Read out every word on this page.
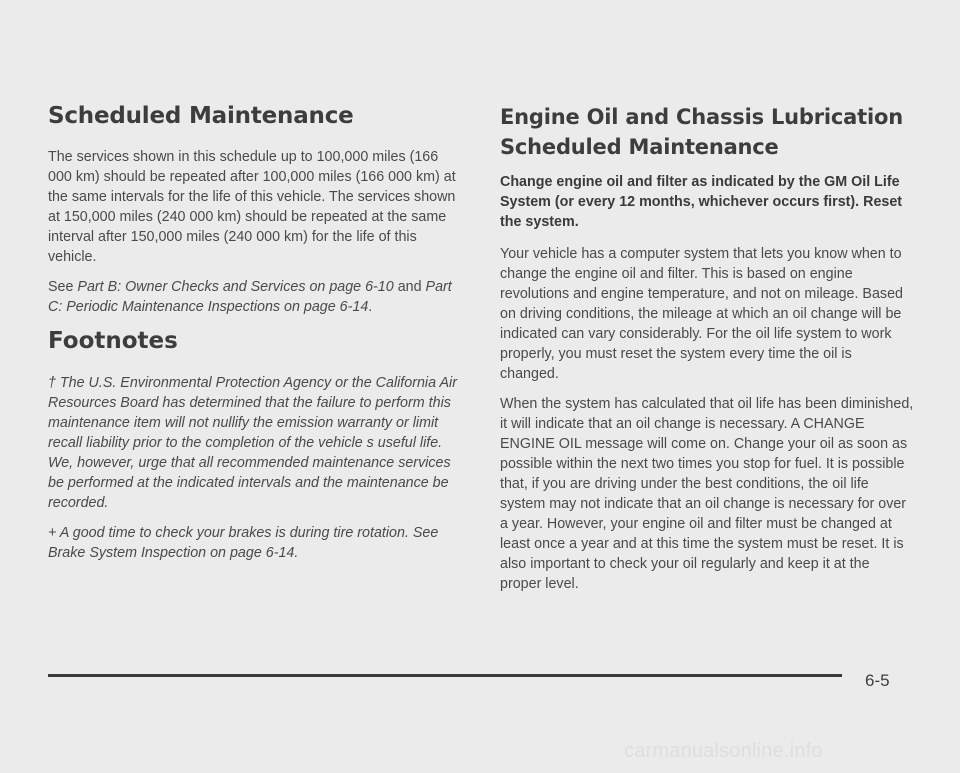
Scheduled Maintenance

The services shown in this schedule up to 100,000 miles (166 000 km) should be repeated after 100,000 miles (166 000 km) at the same intervals for the life of this vehicle. The services shown at 150,000 miles (240 000 km) should be repeated at the same interval after 150,000 miles (240 000 km) for the life of this vehicle.

See Part B: Owner Checks and Services on page 6-10 and Part C: Periodic Maintenance Inspections on page 6-14.

Footnotes

† The U.S. Environmental Protection Agency or the California Air Resources Board has determined that the failure to perform this maintenance item will not nullify the emission warranty or limit recall liability prior to the completion of the vehicle s useful life. We, however, urge that all recommended maintenance services be performed at the indicated intervals and the maintenance be recorded.

+ A good time to check your brakes is during tire rotation. See Brake System Inspection on page 6-14.

Engine Oil and Chassis Lubrication Scheduled Maintenance

Change engine oil and filter as indicated by the GM Oil Life System (or every 12 months, whichever occurs first). Reset the system.

Your vehicle has a computer system that lets you know when to change the engine oil and filter. This is based on engine revolutions and engine temperature, and not on mileage. Based on driving conditions, the mileage at which an oil change will be indicated can vary considerably. For the oil life system to work properly, you must reset the system every time the oil is changed.

When the system has calculated that oil life has been diminished, it will indicate that an oil change is necessary. A CHANGE ENGINE OIL message will come on. Change your oil as soon as possible within the next two times you stop for fuel. It is possible that, if you are driving under the best conditions, the oil life system may not indicate that an oil change is necessary for over a year. However, your engine oil and filter must be changed at least once a year and at this time the system must be reset. It is also important to check your oil regularly and keep it at the proper level.

6-5
carmanualsonline.info
